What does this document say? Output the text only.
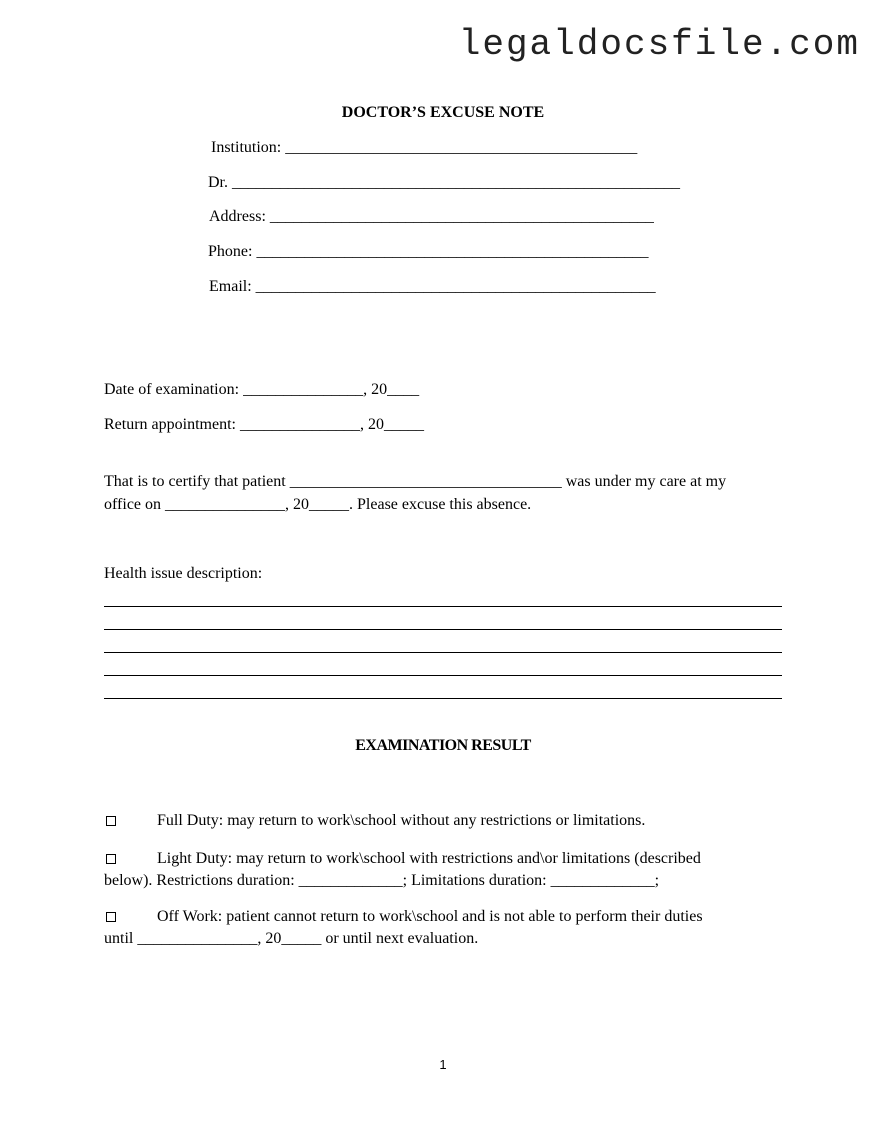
legaldocsfile.com
DOCTOR’S EXCUSE NOTE
Institution: ____________________________________________
Dr. ________________________________________________________
Address: ________________________________________________
Phone: _________________________________________________
Email: __________________________________________________
Date of examination: _______________, 20____
Return appointment: _______________, 20_____
That is to certify that patient __________________________________ was under my care at my
office on _______________, 20_____. Please excuse this absence.
Health issue description:
EXAMINATION RESULT
Full Duty: may return to work\school without any restrictions or limitations.
Light Duty: may return to work\school with restrictions and\or limitations (described
below). Restrictions duration: _____________; Limitations duration: _____________;
Off Work: patient cannot return to work\school and is not able to perform their duties
until _______________, 20_____ or until next evaluation.
1
